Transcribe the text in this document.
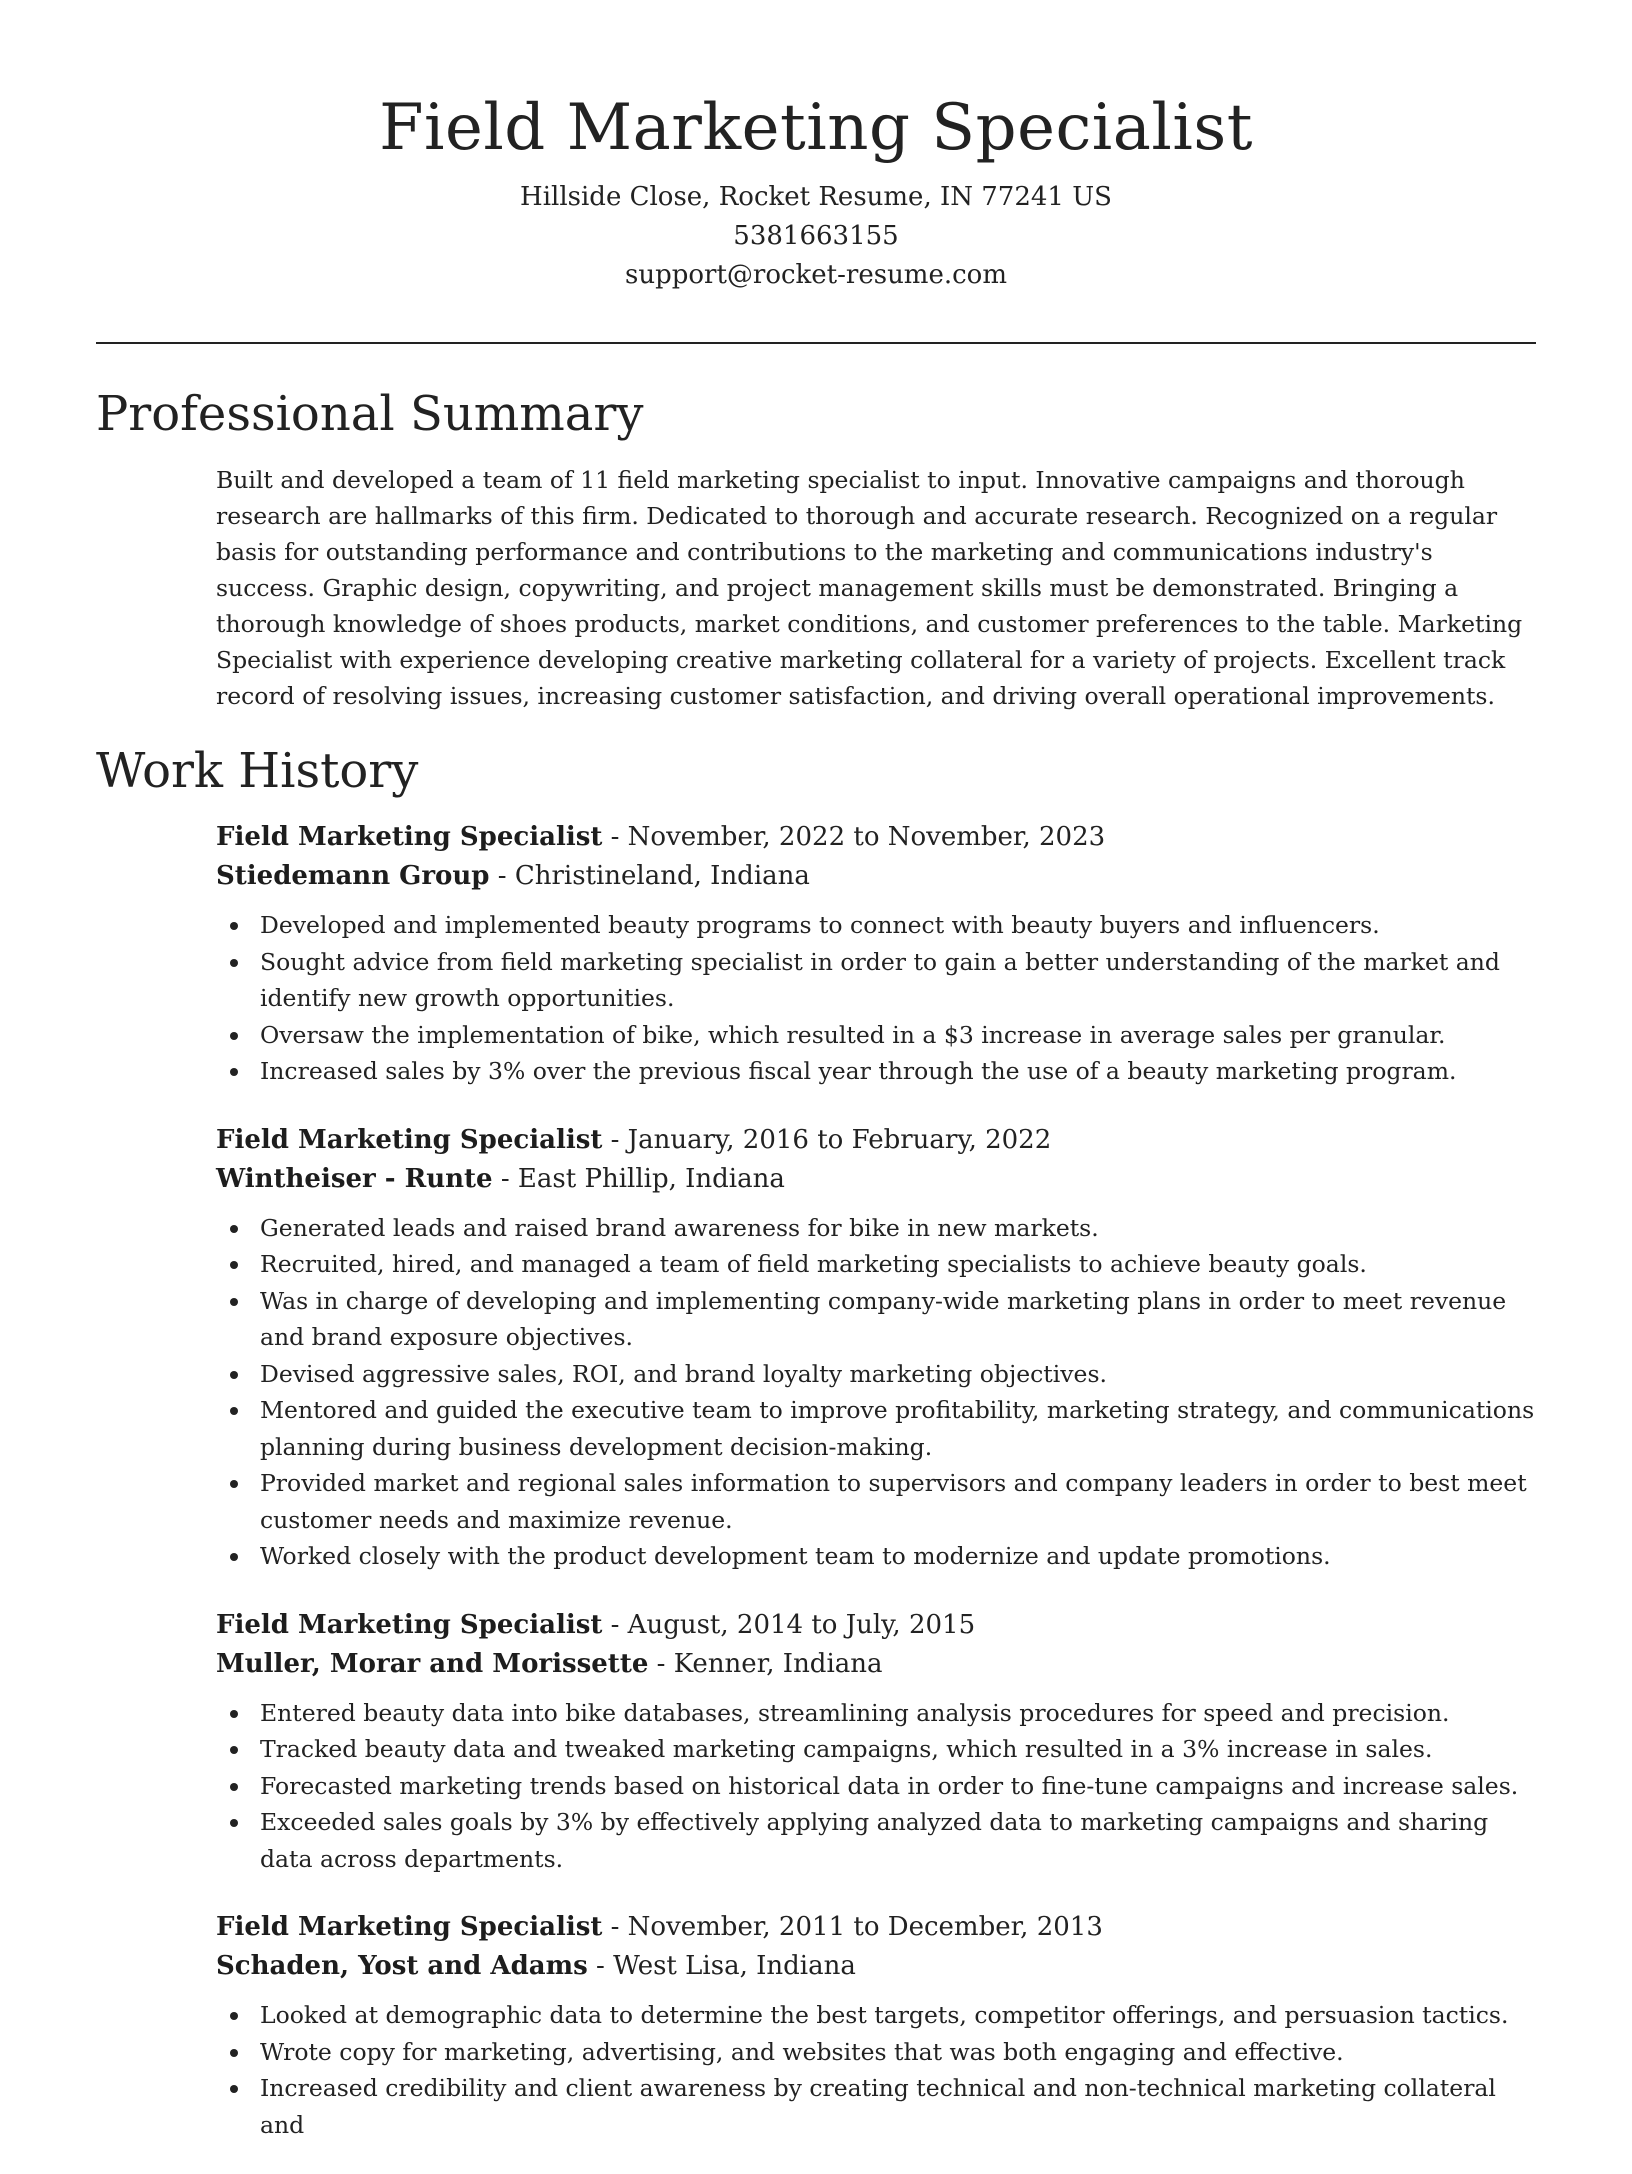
Field Marketing Specialist

Hillside Close, Rocket Resume, IN 77241 US

5381663155

support@rocket-resume.com

Professional Summary

Built and developed a team of 11 field marketing specialist to input. Innovative campaigns and thorough research are hallmarks of this firm. Dedicated to thorough and accurate research. Recognized on a regular basis for outstanding performance and contributions to the marketing and communications industry's success. Graphic design, copywriting, and project management skills must be demonstrated. Bringing a thorough knowledge of shoes products, market conditions, and customer preferences to the table. Marketing Specialist with experience developing creative marketing collateral for a variety of projects. Excellent track record of resolving issues, increasing customer satisfaction, and driving overall operational improvements.

Work History

Field Marketing Specialist - November, 2022 to November, 2023

Stiedemann Group - Christineland, Indiana

Developed and implemented beauty programs to connect with beauty buyers and influencers.
Sought advice from field marketing specialist in order to gain a better understanding of the market and identify new growth opportunities.
Oversaw the implementation of bike, which resulted in a $3 increase in average sales per granular.
Increased sales by 3% over the previous fiscal year through the use of a beauty marketing program.

Field Marketing Specialist - January, 2016 to February, 2022

Wintheiser - Runte - East Phillip, Indiana

Generated leads and raised brand awareness for bike in new markets.
Recruited, hired, and managed a team of field marketing specialists to achieve beauty goals.
Was in charge of developing and implementing company-wide marketing plans in order to meet revenue and brand exposure objectives.
Devised aggressive sales, ROI, and brand loyalty marketing objectives.
Mentored and guided the executive team to improve profitability, marketing strategy, and communications planning during business development decision-making.
Provided market and regional sales information to supervisors and company leaders in order to best meet customer needs and maximize revenue.
Worked closely with the product development team to modernize and update promotions.

Field Marketing Specialist - August, 2014 to July, 2015

Muller, Morar and Morissette - Kenner, Indiana

Entered beauty data into bike databases, streamlining analysis procedures for speed and precision.
Tracked beauty data and tweaked marketing campaigns, which resulted in a 3% increase in sales.
Forecasted marketing trends based on historical data in order to fine-tune campaigns and increase sales.
Exceeded sales goals by 3% by effectively applying analyzed data to marketing campaigns and sharing data across departments.

Field Marketing Specialist - November, 2011 to December, 2013

Schaden, Yost and Adams - West Lisa, Indiana

Looked at demographic data to determine the best targets, competitor offerings, and persuasion tactics.
Wrote copy for marketing, advertising, and websites that was both engaging and effective.
Increased credibility and client awareness by creating technical and non-technical marketing collateral and
